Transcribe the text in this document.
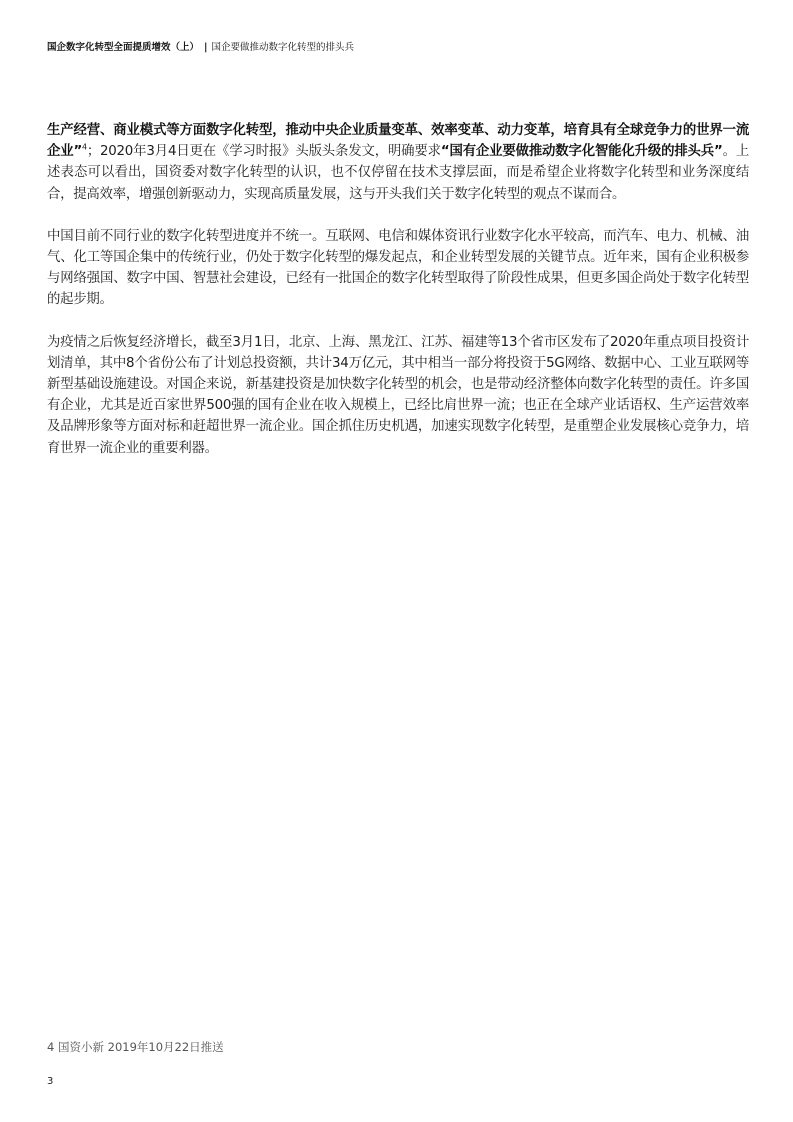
国企数字化转型全面提质增效（上） | 国企要做推动数字化转型的排头兵

生产经营、商业模式等方面数字化转型，推动中央企业质量变革、效率变革、动力变革，培育具有全球竞争力的世界一流企业”$^4$；2020年3月4日更在《学习时报》头版头条发文，明确要求“国有企业要做推动数字化智能化升级的排头兵”。上述表态可以看出，国资委对数字化转型的认识，也不仅停留在技术支撑层面，而是希望企业将数字化转型和业务深度结合，提高效率，增强创新驱动力，实现高质量发展，这与开头我们关于数字化转型的观点不谋而合。

中国目前不同行业的数字化转型进度并不统一。互联网、电信和媒体资讯行业数字化水平较高，而汽车、电力、机械、油气、化工等国企集中的传统行业，仍处于数字化转型的爆发起点，和企业转型发展的关键节点。近年来，国有企业积极参与网络强国、数字中国、智慧社会建设，已经有一批国企的数字化转型取得了阶段性成果，但更多国企尚处于数字化转型的起步期。

为疫情之后恢复经济增长，截至3月1日，北京、上海、黑龙江、江苏、福建等13个省市区发布了2020年重点项目投资计划清单，其中8个省份公布了计划总投资额，共计34万亿元，其中相当一部分将投资于5G网络、数据中心、工业互联网等新型基础设施建设。对国企来说，新基建投资是加快数字化转型的机会，也是带动经济整体向数字化转型的责任。许多国有企业，尤其是近百家世界500强的国有企业在收入规模上，已经比肩世界一流；也正在全球产业话语权、生产运营效率及品牌形象等方面对标和赶超世界一流企业。国企抓住历史机遇，加速实现数字化转型，是重塑企业发展核心竞争力，培育世界一流企业的重要利器。

4 国资小新 2019年10月22日推送
3
